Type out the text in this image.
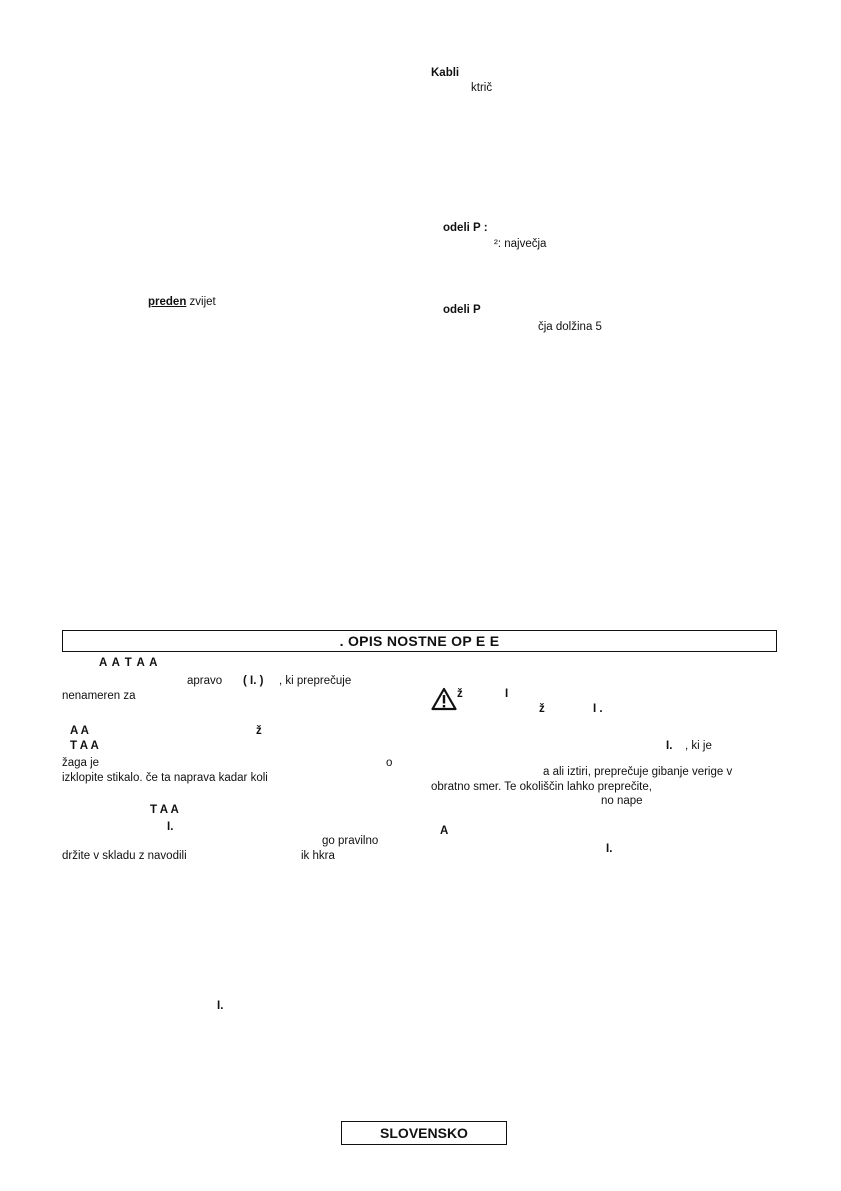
Kabli
ktrič
odeli P :
²: največja
odeli P
čja dolžina 5
preden zvijet
. OPIS NOSTNE OP E E
A A T A A
apravo ( I. ) , ki preprečuje
nenameren za
A A	ž
T A A
žaga je	o
izklopite stikalo. če ta naprava kadar koli
T A A
I.
go pravilno
držite v skladu z navodili	ik hkra
I.
ž	I
ž	I .
I. , ki je
a ali iztiri, preprečuje gibanje verige v
obratno smer. Te okoliščin lahko preprečite,
no nape
A
I.
SLOVENSKO
